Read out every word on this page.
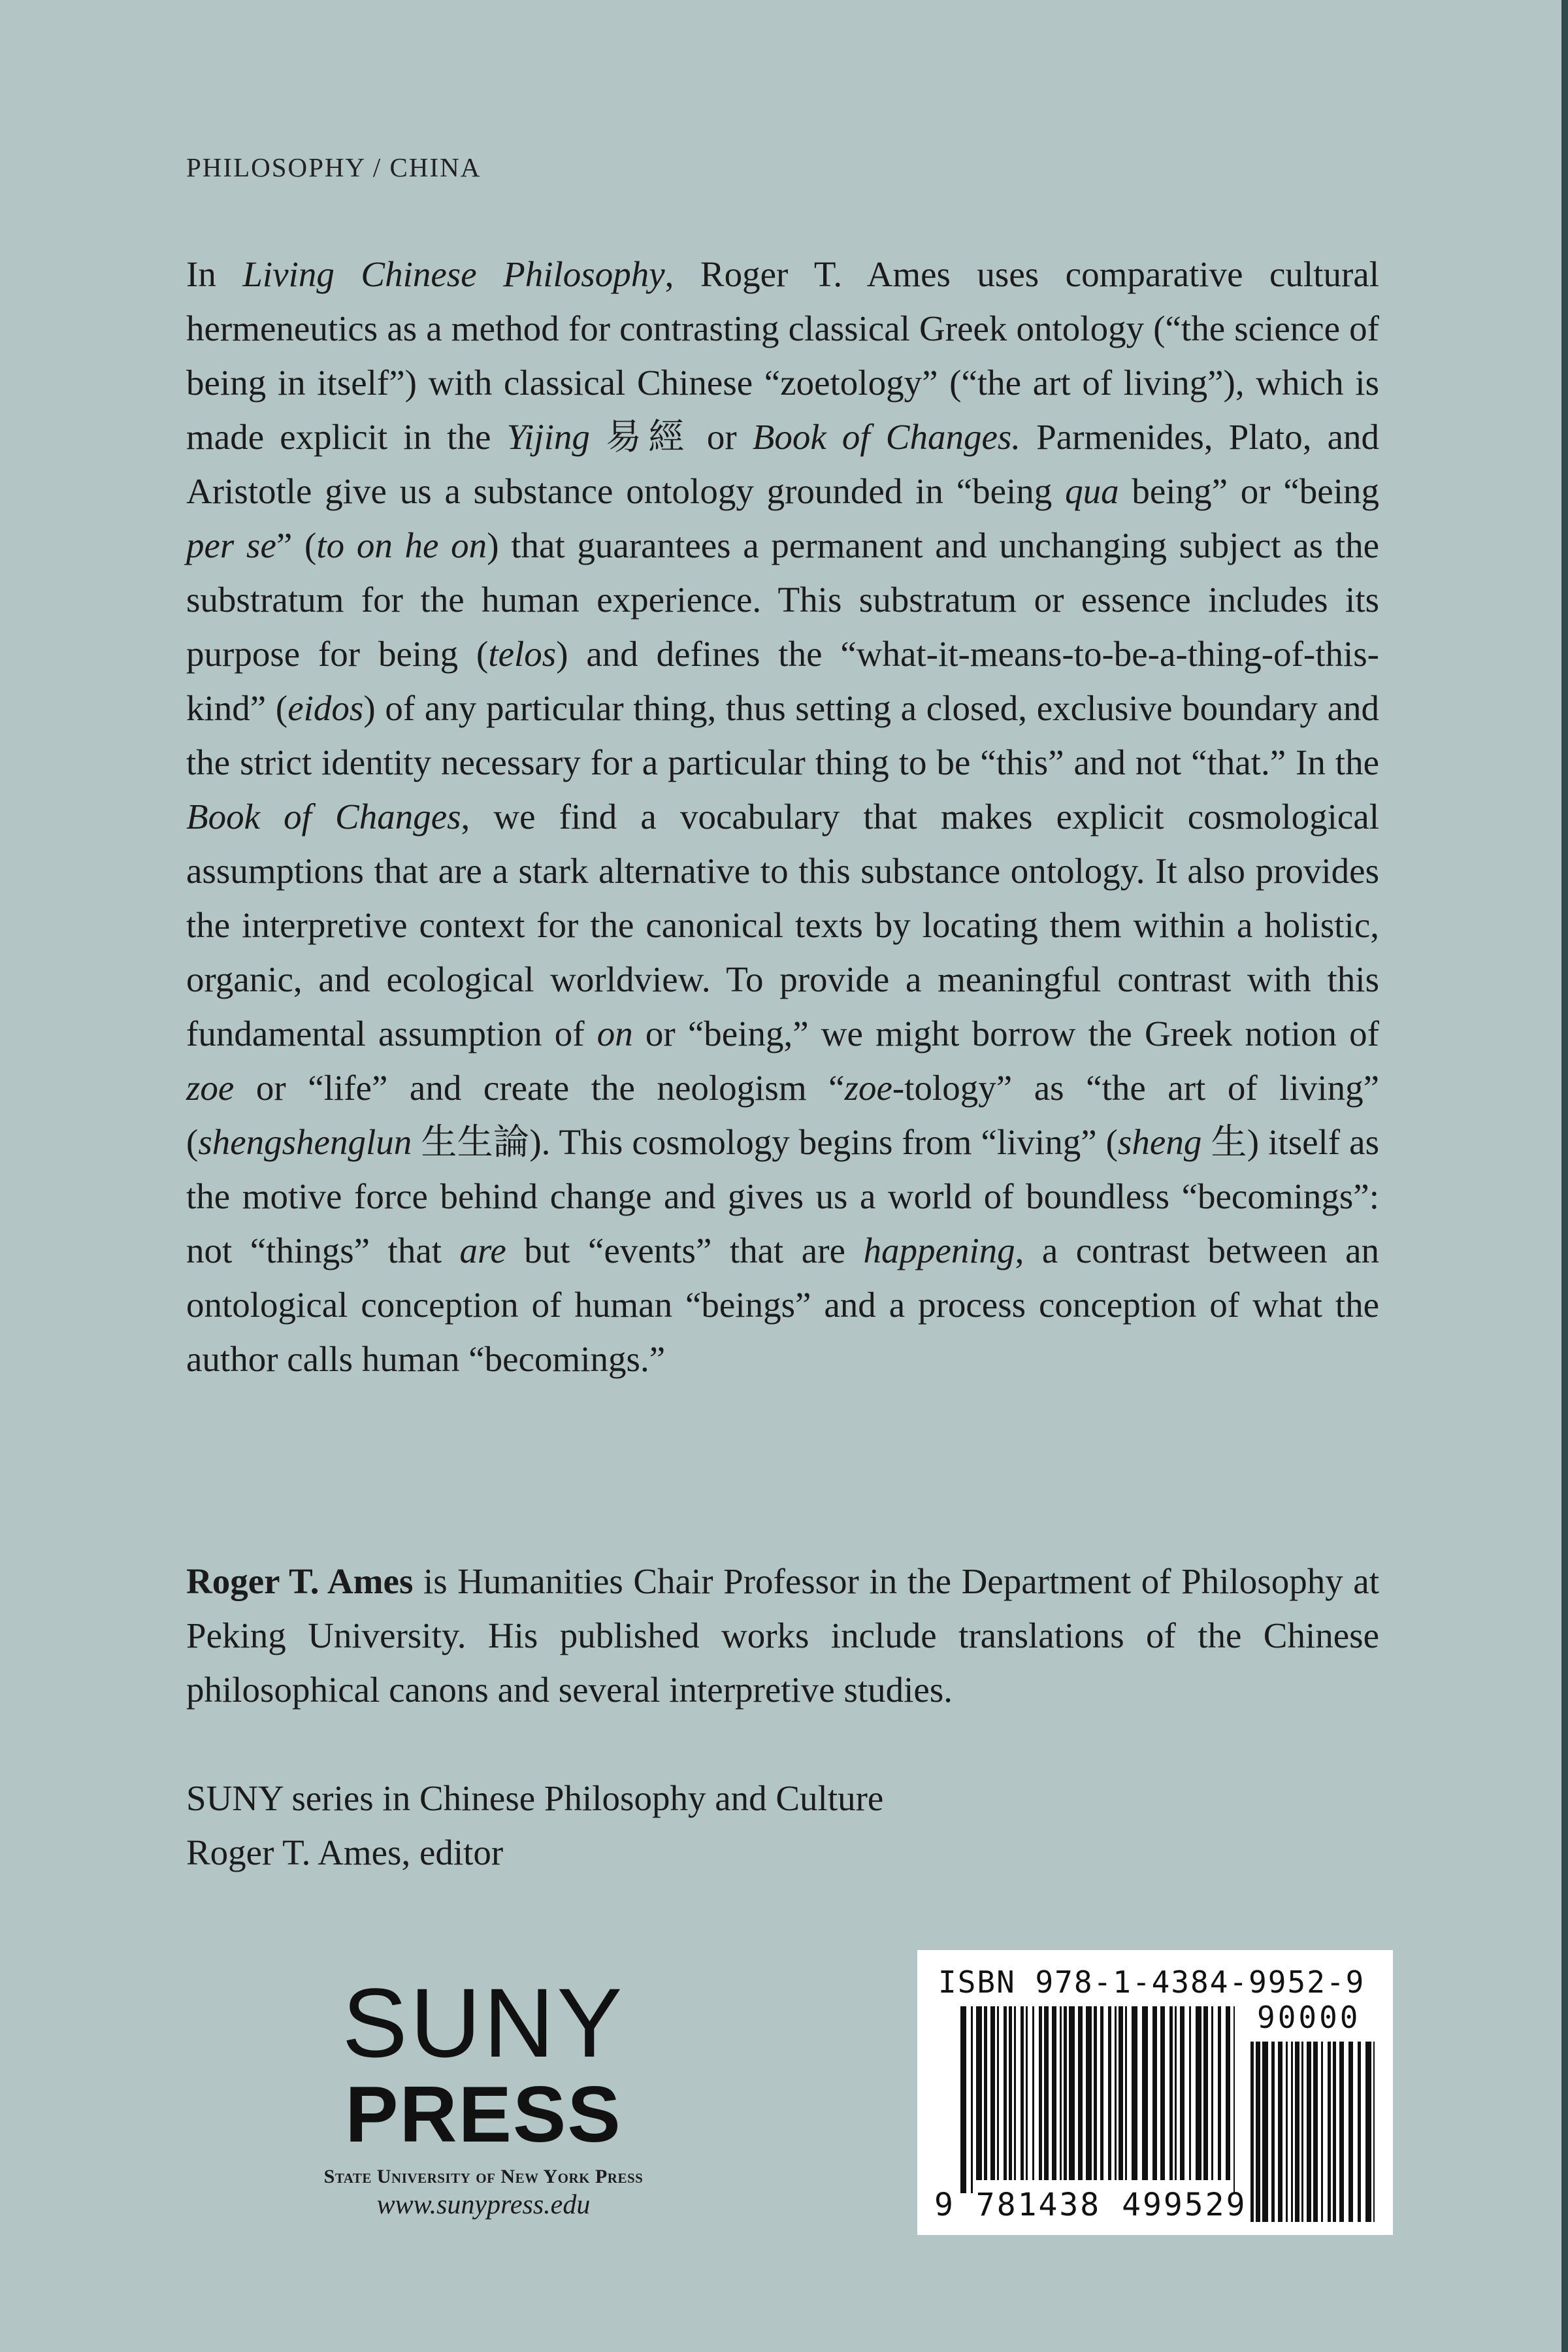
PHILOSOPHY / CHINA

In Living Chinese Philosophy, Roger T. Ames uses comparative cultural hermeneutics as a method for contrasting classical Greek ontology (“the science of being in itself”) with classical Chinese “zoetology” (“the art of living”), which is made explicit in the Yijing 易經 or Book of Changes. Parmenides, Plato, and Aristotle give us a substance ontology grounded in “being qua being” or “being per se” (to on he on) that guarantees a permanent and unchanging subject as the substratum for the human experience. This substratum or essence includes its purpose for being (telos) and defines the “what-it-means-to-be-a-thing-of-this-kind” (eidos) of any particular thing, thus setting a closed, exclusive boundary and the strict identity necessary for a particular thing to be “this” and not “that.” In the Book of Changes, we find a vocabulary that makes explicit cosmological assumptions that are a stark alternative to this substance ontology. It also provides the interpretive context for the canonical texts by locating them within a holistic, organic, and ecological worldview. To provide a meaningful contrast with this fundamental assumption of on or “being,” we might borrow the Greek notion of zoe or “life” and create the neologism “zoe-tology” as “the art of living” (shengshenglun 生生論). This cosmology begins from “living” (sheng 生) itself as the motive force behind change and gives us a world of boundless “becomings”: not “things” that are but “events” that are happening, a contrast between an ontological conception of human “beings” and a process conception of what the author calls human “becomings.”

Roger T. Ames is Humanities Chair Professor in the Department of Philosophy at Peking University. His published works include translations of the Chinese philosophical canons and several interpretive studies.

SUNY series in Chinese Philosophy and Culture
Roger T. Ames, editor
SUNY
PRESS
State University of New York Press
www.sunypress.edu
ISBN 978-1-4384-9952-9
90000
9 781438 499529
